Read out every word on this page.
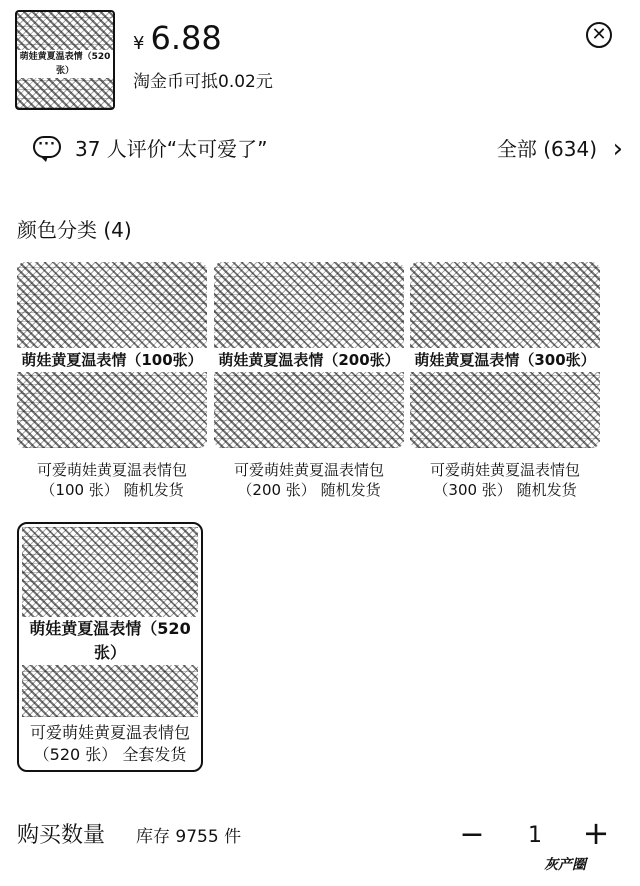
萌娃黄夏温表情（520张）
¥ 6.88
淘金币可抵0.02元
✕
··· 37 人评价“太可爱了”	全部 (634) ›
颜色分类 (4)
萌娃黄夏温表情（100张）
可爱萌娃黄夏温表情包
（100 张） 随机发货
萌娃黄夏温表情（200张）
可爱萌娃黄夏温表情包
（200 张） 随机发货
萌娃黄夏温表情（300张）
可爱萌娃黄夏温表情包
（300 张） 随机发货
萌娃黄夏温表情（520张）
可爱萌娃黄夏温表情包
（520 张） 全套发货
购买数量 库存 9755 件	−	1 +
灰产圈
